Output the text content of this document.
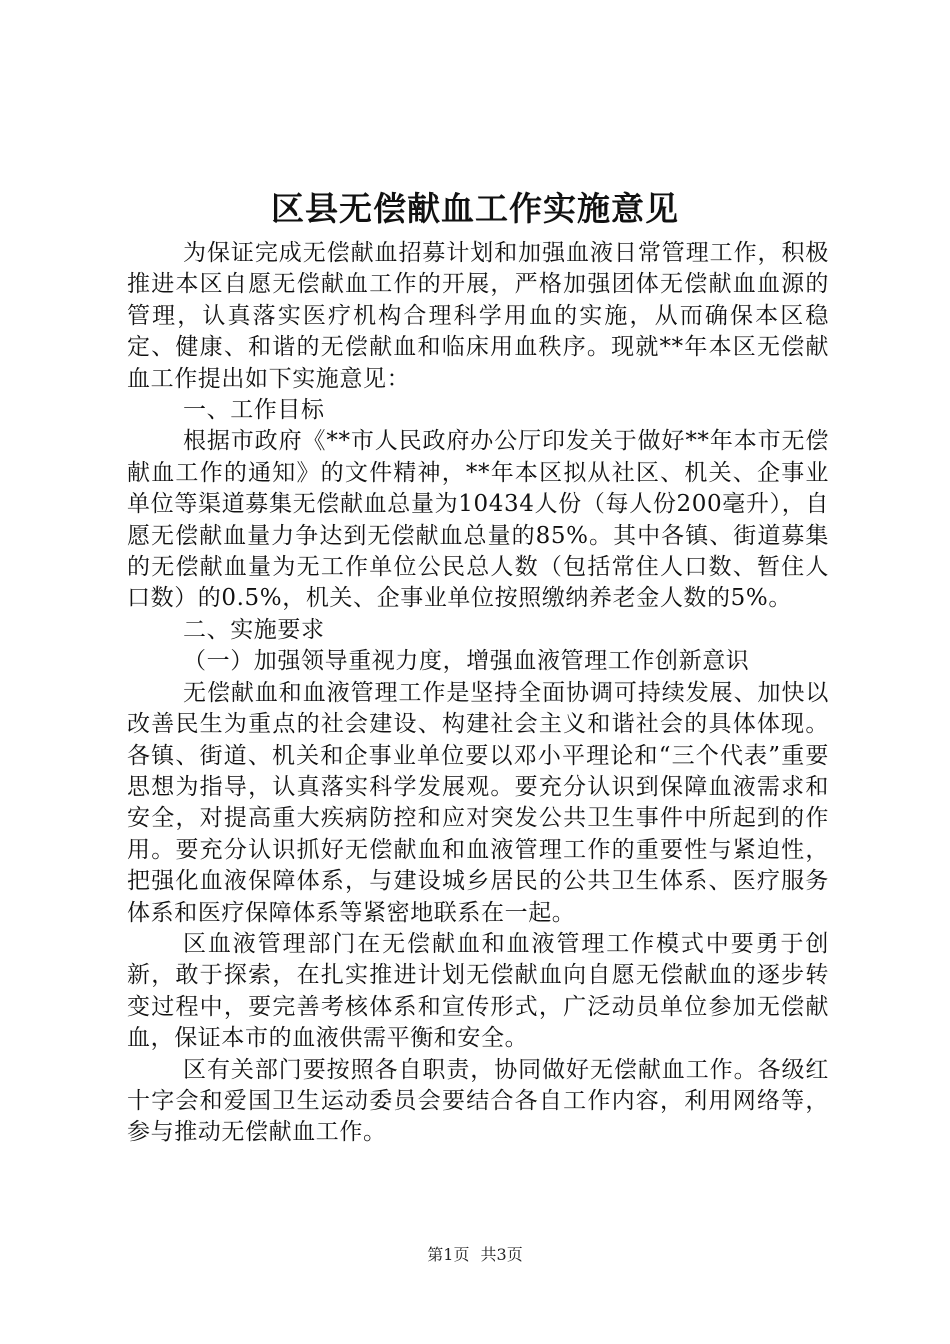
区县无偿献血工作实施意见

为保证完成无偿献血招募计划和加强血液日常管理工作，积极推进本区自愿无偿献血工作的开展，严格加强团体无偿献血血源的管理，认真落实医疗机构合理科学用血的实施，从而确保本区稳定、健康、和谐的无偿献血和临床用血秩序。现就**年本区无偿献血工作提出如下实施意见：

一、工作目标

根据市政府《**市人民政府办公厅印发关于做好**年本市无偿献血工作的通知》的文件精神，**年本区拟从社区、机关、企事业单位等渠道募集无偿献血总量为10434人份（每人份200毫升），自愿无偿献血量力争达到无偿献血总量的85%。其中各镇、街道募集的无偿献血量为无工作单位公民总人数（包括常住人口数、暂住人口数）的0.5%，机关、企事业单位按照缴纳养老金人数的5%。

二、实施要求

（一）加强领导重视力度，增强血液管理工作创新意识

无偿献血和血液管理工作是坚持全面协调可持续发展、加快以改善民生为重点的社会建设、构建社会主义和谐社会的具体体现。各镇、街道、机关和企事业单位要以邓小平理论和“三个代表”重要思想为指导，认真落实科学发展观。要充分认识到保障血液需求和安全，对提高重大疾病防控和应对突发公共卫生事件中所起到的作用。要充分认识抓好无偿献血和血液管理工作的重要性与紧迫性，把强化血液保障体系，与建设城乡居民的公共卫生体系、医疗服务体系和医疗保障体系等紧密地联系在一起。

区血液管理部门在无偿献血和血液管理工作模式中要勇于创新，敢于探索，在扎实推进计划无偿献血向自愿无偿献血的逐步转变过程中，要完善考核体系和宣传形式，广泛动员单位参加无偿献血，保证本市的血液供需平衡和安全。

区有关部门要按照各自职责，协同做好无偿献血工作。各级红十字会和爱国卫生运动委员会要结合各自工作内容，利用网络等，参与推动无偿献血工作。

第1页 共3页
